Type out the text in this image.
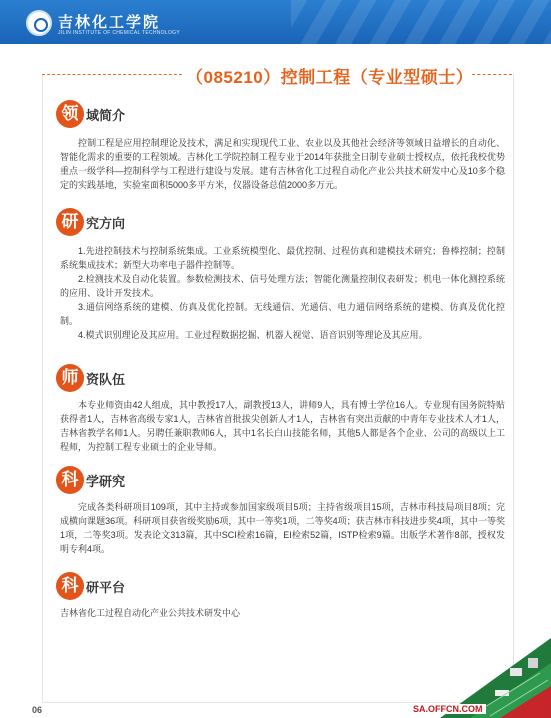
吉林化工学院
JILIN INSTITUTE OF CHEMICAL TECHNOLOGY
（085210）控制工程（专业型硕士）
领 域简介

控制工程是应用控制理论及技术，满足和实现现代工业、农业以及其他社会经济等领域日益增长的自动化、智能化需求的重要的工程领域。吉林化工学院控制工程专业于2014年获批全日制专业硕士授权点，依托我校优势重点一级学科—控制科学与工程进行建设与发展。建有吉林省化工过程自动化产业公共技术研发中心及10多个稳定的实践基地，实验室面积5000多平方米，仪器设备总值2000多万元。

研 究方向
1.先进控制技术与控制系统集成。工业系统模型化、最优控制、过程仿真和建模技术研究；鲁棒控制；控制系统集成技术；新型大功率电子器件控制等。
2.检测技术及自动化装置。参数检测技术、信号处理方法；智能化测量控制仪表研发；机电一体化测控系统的应用、设计开发技术。
3.通信网络系统的建模、仿真及优化控制。无线通信、光通信、电力通信网络系统的建模、仿真及优化控制。
4.模式识别理论及其应用。工业过程数据挖掘、机器人视觉、语音识别等理论及其应用。
师 资队伍

本专业师资由42人组成，其中教授17人，副教授13人，讲师9人，具有博士学位16人。专业现有国务院特贴获得者1人，吉林省高级专家1人，吉林省首批拔尖创新人才1人，吉林省有突出贡献的中青年专业技术人才1人，吉林省教学名师1人。另聘任兼职教师6人，其中1名长白山技能名师，其他5人都是各个企业、公司的高级以上工程师，为控制工程专业硕士的企业导师。

科 学研究

完成各类科研项目109项，其中主持或参加国家级项目5项；主持省级项目15项，吉林市科技局项目8项；完成横向课题36项。科研项目获省级奖励6项，其中一等奖1项，二等奖4项；获吉林市科技进步奖4项，其中一等奖1项，二等奖3项。发表论文313篇，其中SCI检索16篇，EI检索52篇，ISTP检索9篇。出版学术著作8部，授权发明专利4项。

科 研平台

吉林省化工过程自动化产业公共技术研发中心

06	SA.OFFCN.COM
